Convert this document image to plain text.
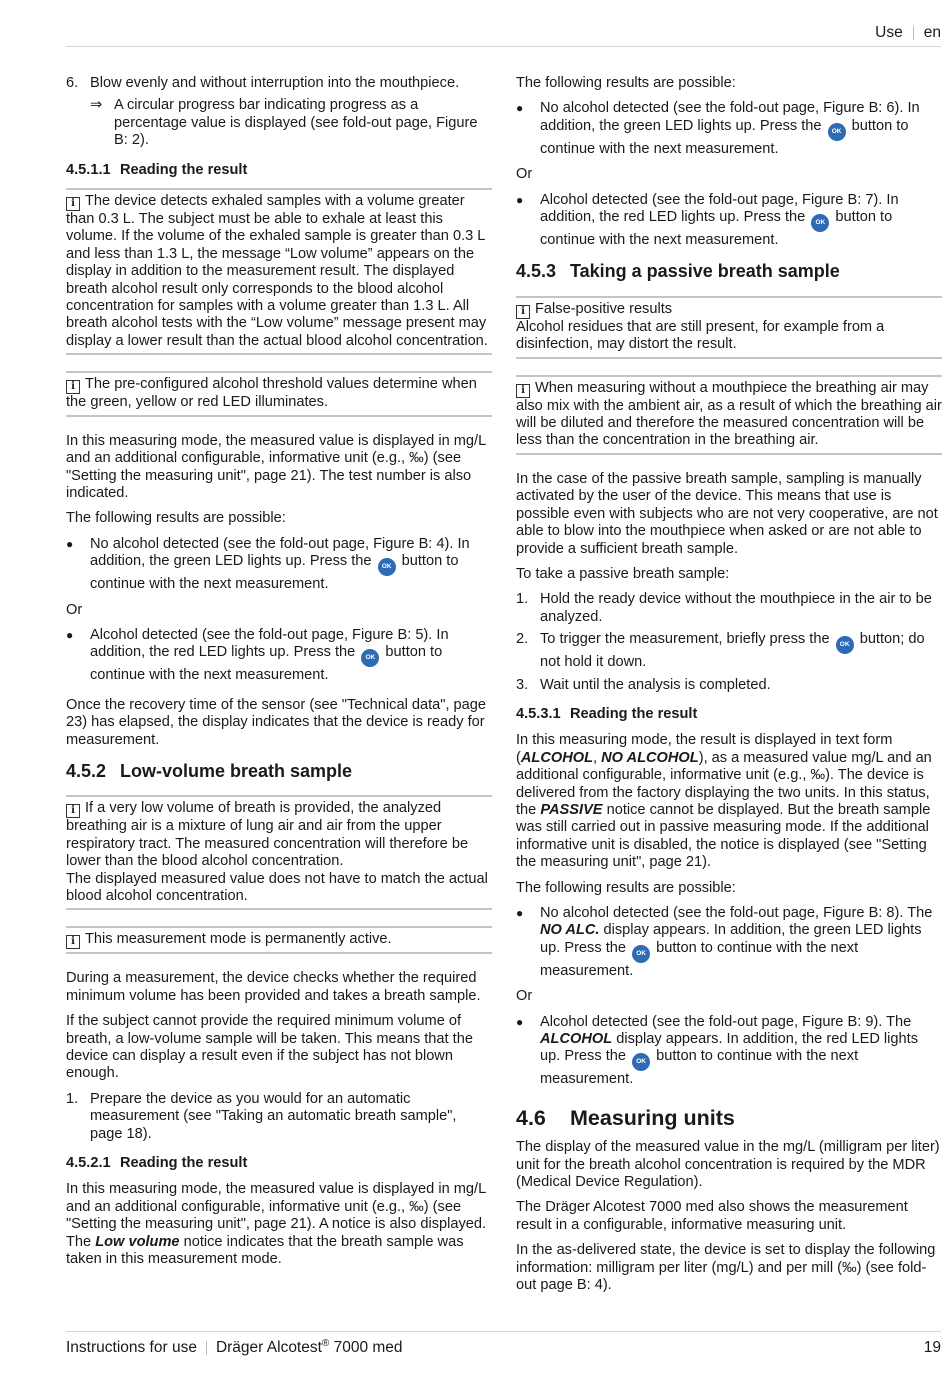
Use en
6. Blow evenly and without interruption into the mouthpiece.
⇒ A circular progress bar indicating progress as a percentage value is displayed (see fold-out page, Figure B: 2).
4.5.1.1 Reading the result
i The device detects exhaled samples with a volume greater than 0.3 L. The subject must be able to exhale at least this volume. If the volume of the exhaled sample is greater than 0.3 L and less than 1.3 L, the message “Low volume” appears on the display in addition to the measurement result. The displayed breath alcohol result only corresponds to the blood alcohol concentration for samples with a volume greater than 1.3 L. All breath alcohol tests with the “Low volume” message present may display a lower result than the actual blood alcohol concentration.
i The pre-configured alcohol threshold values determine when the green, yellow or red LED illuminates.

In this measuring mode, the measured value is displayed in mg/L and an additional configurable, informative unit (e.g., ‰) (see "Setting the measuring unit", page 21). The test number is also indicated.

The following results are possible:

●	No alcohol detected (see the fold-out page, Figure B: 4). In addition, the green LED lights up. Press the OK button to continue with the next measurement.

Or

●	Alcohol detected (see the fold-out page, Figure B: 5). In addition, the red LED lights up. Press the OK button to continue with the next measurement.

Once the recovery time of the sensor (see "Technical data", page 23) has elapsed, the display indicates that the device is ready for measurement.

4.5.2 Low-volume breath sample
i If a very low volume of breath is provided, the analyzed breathing air is a mixture of lung air and air from the upper respiratory tract. The measured concentration will therefore be lower than the blood alcohol concentration.
The displayed measured value does not have to match the actual blood alcohol concentration.
i This measurement mode is permanently active.

During a measurement, the device checks whether the required minimum volume has been provided and takes a breath sample.

If the subject cannot provide the required minimum volume of breath, a low-volume sample will be taken. This means that the device can display a result even if the subject has not blown enough.

1. Prepare the device as you would for an automatic measurement (see "Taking an automatic breath sample", page 18).
4.5.2.1 Reading the result

In this measuring mode, the measured value is displayed in mg/L and an additional configurable, informative unit (e.g., ‰) (see "Setting the measuring unit", page 21). A notice is also displayed. The Low volume notice indicates that the breath sample was taken in this measurement mode.

The following results are possible:

●	No alcohol detected (see the fold-out page, Figure B: 6). In addition, the green LED lights up. Press the OK button to continue with the next measurement.

Or

●	Alcohol detected (see the fold-out page, Figure B: 7). In addition, the red LED lights up. Press the OK button to continue with the next measurement.
4.5.3 Taking a passive breath sample
i False-positive results
Alcohol residues that are still present, for example from a disinfection, may distort the result.
i When measuring without a mouthpiece the breathing air may also mix with the ambient air, as a result of which the breathing air will be diluted and therefore the measured concentration will be less than the concentration in the breathing air.

In the case of the passive breath sample, sampling is manually activated by the user of the device. This means that use is possible even with subjects who are not very cooperative, are not able to blow into the mouthpiece when asked or are not able to provide a sufficient breath sample.

To take a passive breath sample:

1. Hold the ready device without the mouthpiece in the air to be analyzed.
2. To trigger the measurement, briefly press the OK button; do not hold it down.
3. Wait until the analysis is completed.
4.5.3.1 Reading the result

In this measuring mode, the result is displayed in text form (ALCOHOL, NO ALCOHOL), as a measured value mg/L and an additional configurable, informative unit (e.g., ‰). The device is delivered from the factory displaying the two units. In this status, the PASSIVE notice cannot be displayed. But the breath sample was still carried out in passive measuring mode. If the additional informative unit is disabled, the notice is displayed (see "Setting the measuring unit", page 21).

The following results are possible:

●	No alcohol detected (see the fold-out page, Figure B: 8). The NO ALC. display appears. In addition, the green LED lights up. Press the OK button to continue with the next measurement.

Or

●	Alcohol detected (see the fold-out page, Figure B: 9). The ALCOHOL display appears. In addition, the red LED lights up. Press the OK button to continue with the next measurement.
4.6 Measuring units

The display of the measured value in the mg/L (milligram per liter) unit for the breath alcohol concentration is required by the MDR (Medical Device Regulation).

The Dräger Alcotest 7000 med also shows the measurement result in a configurable, informative measuring unit.

In the as-delivered state, the device is set to display the following information: milligram per liter (mg/L) and per mill (‰) (see fold-out page B: 4).

Instructions for use Dräger Alcotest® 7000 med	19
